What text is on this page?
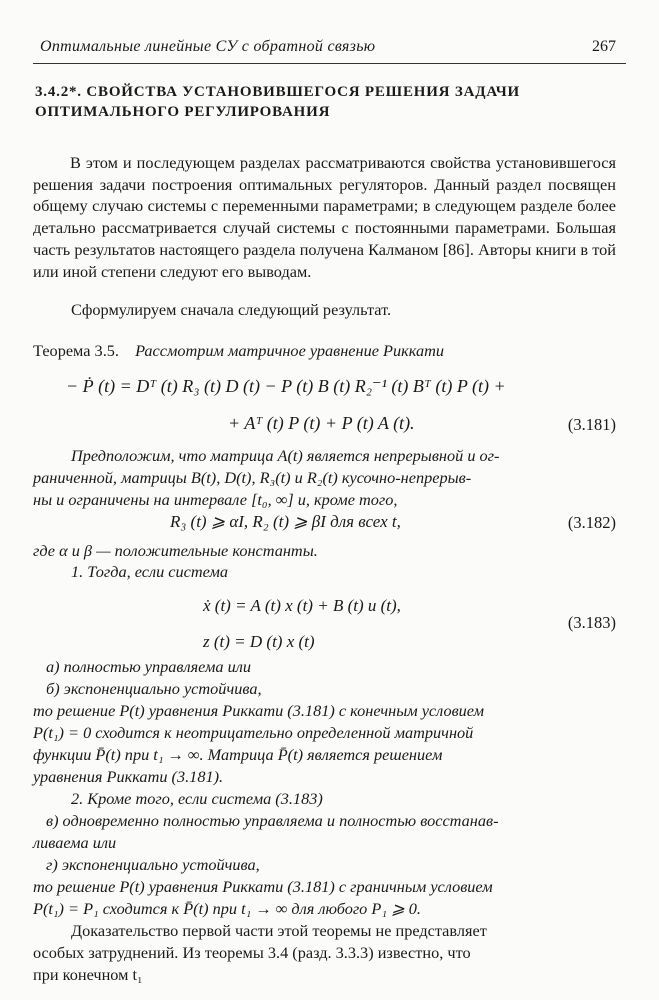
Оптимальные линейные СУ с обратной связью	267
3.4.2*. СВОЙСТВА УСТАНОВИВШЕГОСЯ РЕШЕНИЯ ЗАДАЧИ
ОПТИМАЛЬНОГО РЕГУЛИРОВАНИЯ
В этом и последующем разделах рассматриваются свойства установившегося решения задачи построения оптимальных регуляторов. Данный раздел посвящен общему случаю системы с переменными параметрами; в следующем разделе более детально рассматривается случай системы с постоянными параметрами. Большая часть результатов настоящего раздела получена Калманом [86]. Авторы книги в той или иной степени следуют его выводам.
Сформулируем сначала следующий результат.
Теорема 3.5. Рассмотрим матричное уравнение Риккати
− Ṗ (t) = Dᵀ (t) R₃ (t) D (t) − P (t) B (t) R₂⁻¹ (t) Bᵀ (t) P (t) +
+ Aᵀ (t) P (t) + P (t) A (t).	(3.181)
Предположим, что матрица A(t) является непрерывной и ог-
раниченной, матрицы B(t), D(t), R₃(t) и R₂(t) кусочно-непрерыв-
ны и ограничены на интервале [t₀, ∞] и, кроме того,
R₃ (t) ⩾ αI, R₂ (t) ⩾ βI для всех t,	(3.182)
где α и β — положительные константы.
1. Тогда, если система
ẋ (t) = A (t) x (t) + B (t) u (t),
z (t) = D (t) x (t)
(3.183)
а) полностью управляема или
б) экспоненциально устойчива,
то решение P(t) уравнения Риккати (3.181) с конечным условием
P(t₁) = 0 сходится к неотрицательно определенной матричной
функции P̄(t) при t₁ → ∞. Матрица P̄(t) является решением
уравнения Риккати (3.181).
2. Кроме того, если система (3.183)
в) одновременно полностью управляема и полностью восстанав-
ливаема или
г) экспоненциально устойчива,
то решение P(t) уравнения Риккати (3.181) с граничным условием
P(t₁) = P₁ сходится к P̄(t) при t₁ → ∞ для любого P₁ ⩾ 0.
Доказательство первой части этой теоремы не представляет
особых затруднений. Из теоремы 3.4 (разд. 3.3.3) известно, что
при конечном t₁
